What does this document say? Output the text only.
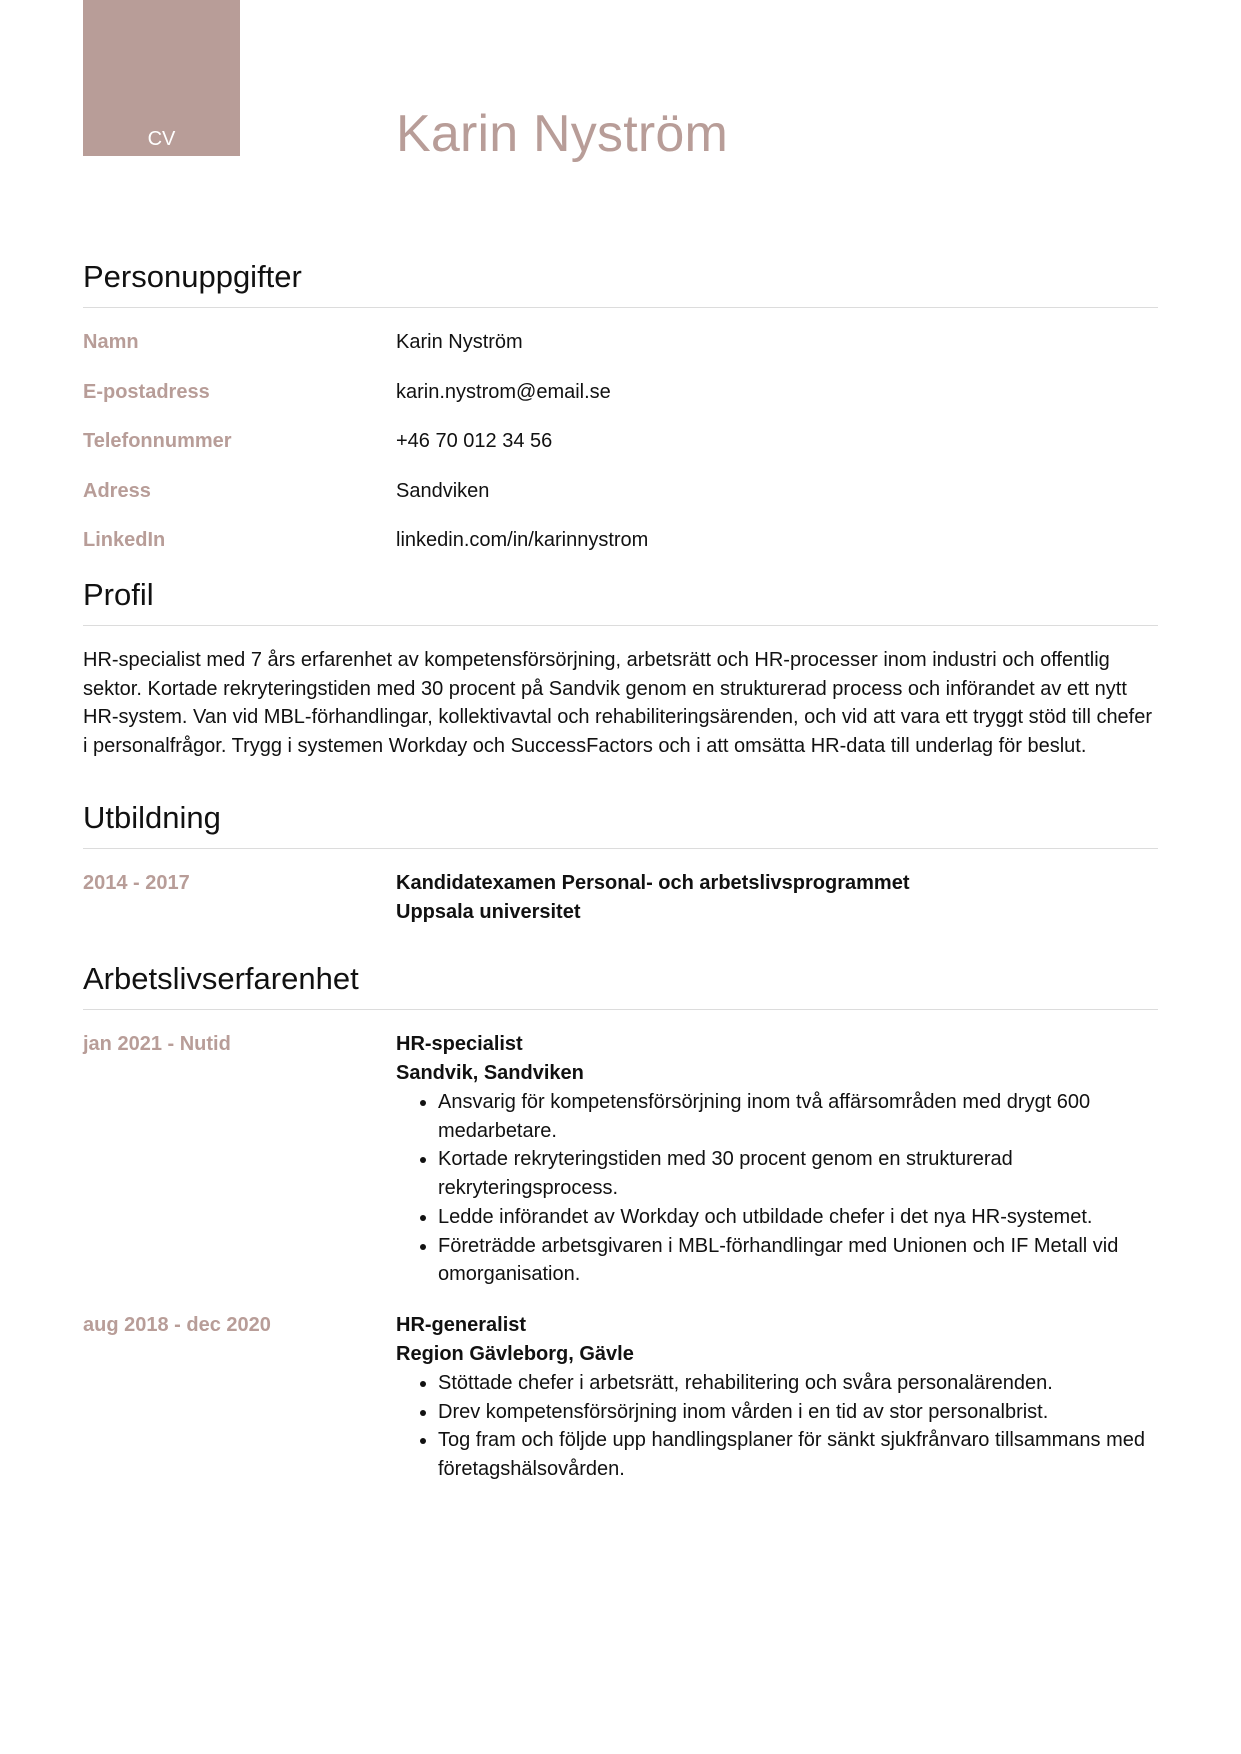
CV	Karin Nyström
Personuppgifter
Namn	Karin Nyström
E-postadress	karin.nystrom@email.se
Telefonnummer	+46 70 012 34 56
Adress	Sandviken
LinkedIn	linkedin.com/in/karinnystrom
Profil

HR-specialist med 7 års erfarenhet av kompetensförsörjning, arbetsrätt och HR-processer inom industri och offentlig sektor. Kortade rekryteringstiden med 30 procent på Sandvik genom en strukturerad process och införandet av ett nytt HR-system. Van vid MBL-förhandlingar, kollektivavtal och rehabiliteringsärenden, och vid att vara ett tryggt stöd till chefer i personalfrågor. Trygg i systemen Workday och SuccessFactors och i att omsätta HR-data till underlag för beslut.

Utbildning
2014 - 2017	Kandidatexamen Personal- och arbetslivsprogrammet
Uppsala universitet
Arbetslivserfarenhet
jan 2021 - Nutid	HR-specialist
Sandvik, Sandviken
• Ansvarig för kompetensförsörjning inom två affärsområden med drygt 600 medarbetare.
• Kortade rekryteringstiden med 30 procent genom en strukturerad rekryteringsprocess.
• Ledde införandet av Workday och utbildade chefer i det nya HR-systemet.
• Företrädde arbetsgivaren i MBL-förhandlingar med Unionen och IF Metall vid omorganisation.
aug 2018 - dec 2020	HR-generalist
Region Gävleborg, Gävle
• Stöttade chefer i arbetsrätt, rehabilitering och svåra personalärenden.
• Drev kompetensförsörjning inom vården i en tid av stor personalbrist.
• Tog fram och följde upp handlingsplaner för sänkt sjukfrånvaro tillsammans med företagshälsovården.
